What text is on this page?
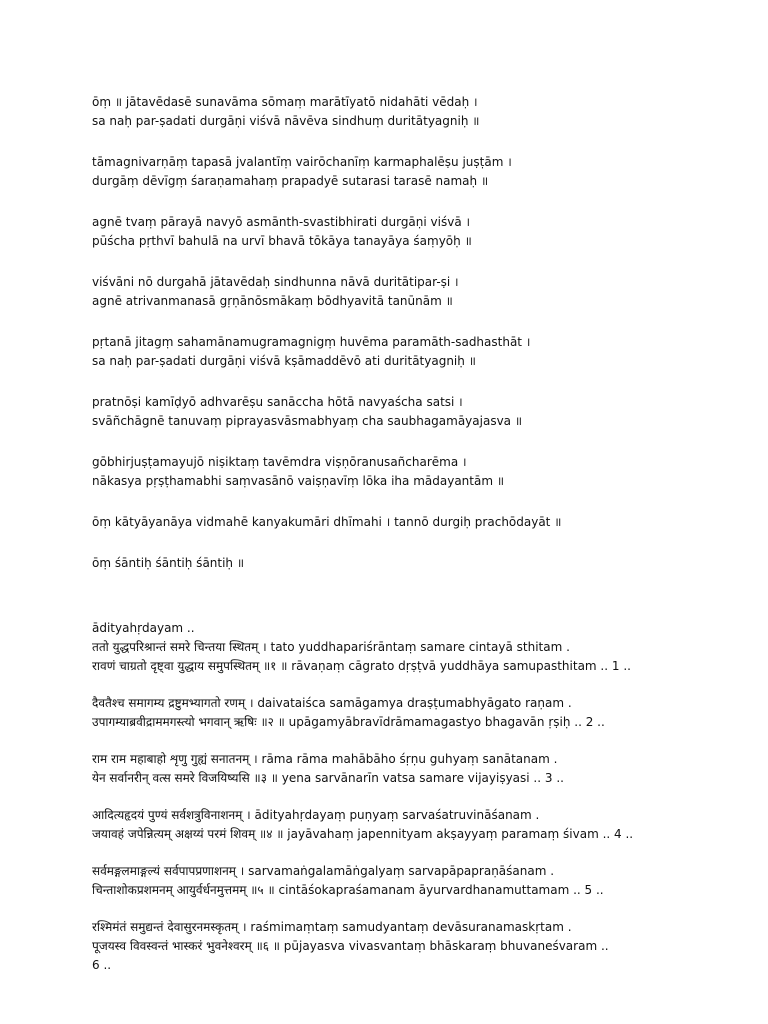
ōṃ ॥ jātavēdasē sunavāma sōmaṃ marātīyatō nidahāti vēdaḥ ।
sa naḥ par-ṣadati durgāṇi viśvā nāvēva sindhuṃ duritātyagniḥ ॥
tāmagnivarṇāṃ tapasā jvalantīṃ vairōchanīṃ karmaphalēṣu juṣṭām ।
durgāṃ dēvīgṃ śaraṇamahaṃ prapadyē sutarasi tarasē namaḥ ॥
agnē tvaṃ pārayā navyō asmānth-svastibhirati durgāṇi viśvā ।
pūścha pṛthvī bahulā na urvī bhavā tōkāya tanayāya śaṃyōḥ ॥
viśvāni nō durgahā jātavēdaḥ sindhunna nāvā duritātipar-ṣi ।
agnē atrivanmanasā gṛṇānōsmākaṃ bōdhyavitā tanūnām ॥
pṛtanā jitagṃ sahamānamugramagnigṃ huvēma paramāth-sadhasthāt ।
sa naḥ par-ṣadati durgāṇi viśvā kṣāmaddēvō ati duritātyagniḥ ॥
pratnōṣi kamīḍyō adhvarēṣu sanāccha hōtā navyaścha satsi ।
svāñchāgnē tanuvaṃ piprayasvāsmabhyaṃ cha saubhagamāyajasva ॥
gōbhirjuṣṭamayujō niṣiktaṃ tavēmdra viṣṇōranusañcharēma ।
nākasya pṛṣṭhamabhi saṃvasānō vaiṣṇavīṃ lōka iha mādayantām ॥
ōṃ kātyāyanāya vidmahē kanyakumāri dhīmahi । tannō durgiḥ prachōdayāt ॥
ōṃ śāntiḥ śāntiḥ śāntiḥ ॥
ādityahṛdayam ..
ततो युद्धपरिश्रान्तं समरे चिन्तया स्थितम् । tato yuddhapariśrāntaṃ samare cintayā sthitam .
रावणं चाग्रतो दृष्ट्वा युद्धाय समुपस्थितम् ॥१ ॥ rāvaṇaṃ cāgrato dṛṣṭvā yuddhāya samupasthitam .. 1 ..
दैवतैश्च समागम्य द्रष्टुमभ्यागतो रणम् । daivataiśca samāgamya draṣṭumabhyāgato raṇam .
उपागम्याब्रवीद्राममगस्त्यो भगवान् ऋषिः ॥२ ॥ upāgamyābravīdrāmamagastyo bhagavān ṛṣiḥ .. 2 ..
राम राम महाबाहो शृणु गुह्यं सनातनम् । rāma rāma mahābāho śṛṇu guhyaṃ sanātanam .
येन सर्वानरीन् वत्स समरे विजयिष्यसि ॥३ ॥ yena sarvānarīn vatsa samare vijayiṣyasi .. 3 ..
आदित्यहृदयं पुण्यं सर्वशत्रुविनाशनम् । ādityahṛdayaṃ puṇyaṃ sarvaśatruvināśanam .
जयावहं जपेन्नित्यम् अक्षय्यं परमं शिवम् ॥४ ॥ jayāvahaṃ japennityam akṣayyaṃ paramaṃ śivam .. 4 ..
सर्वमङ्गलमाङ्गल्यं सर्वपापप्रणाशनम् । sarvamaṅgalamāṅgalyaṃ sarvapāpapraṇāśanam .
चिन्ताशोकप्रशमनम् आयुर्वर्धनमुत्तमम् ॥५ ॥ cintāśokapraśamanam āyurvardhanamuttamam .. 5 ..
रश्मिमंतं समुद्यन्तं देवासुरनमस्कृतम् । raśmimaṃtaṃ samudyantaṃ devāsuranamaskṛtam .
पूजयस्व विवस्वन्तं भास्करं भुवनेश्वरम् ॥६ ॥ pūjayasva vivasvantaṃ bhāskaraṃ bhuvaneśvaram ..
6 ..
